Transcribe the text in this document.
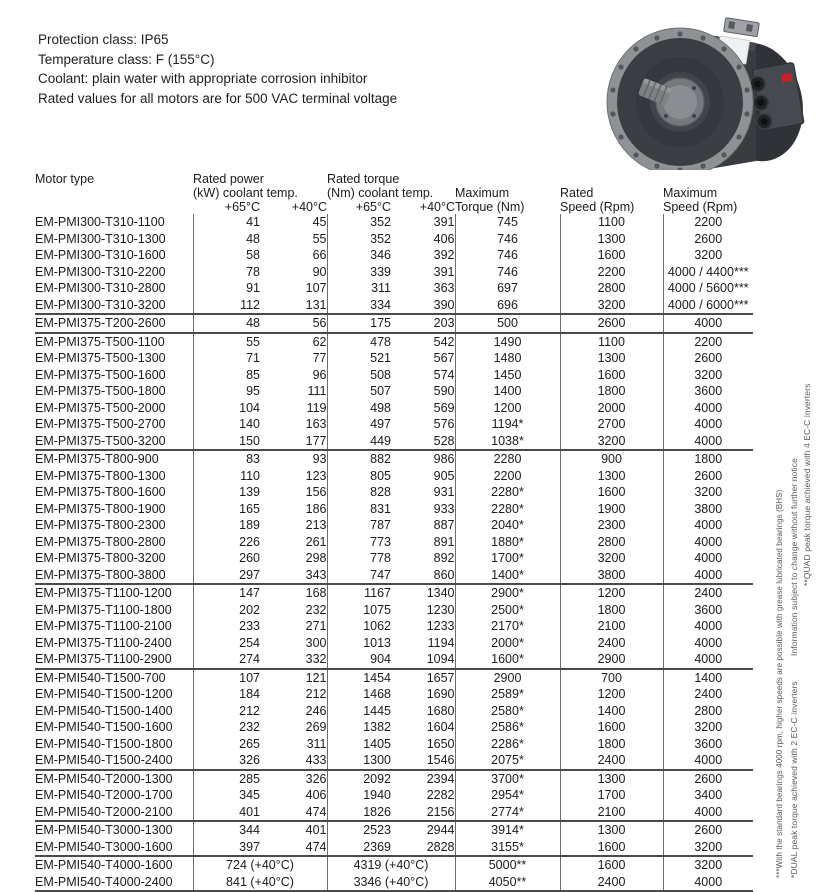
Protection class: IP65
Temperature class: F (155°C)
Coolant: plain water with appropriate corrosion inhibitor
Rated values for all motors are for 500 VAC terminal voltage
Motor type	Rated power		Rated torque				
	(kW) coolant temp.		(Nm) coolant temp.		Maximum	Rated	Maximum
	+65°C	+40°C	+65°C	+40°C	Torque (Nm)	Speed (Rpm)	Speed (Rpm)
EM-PMI300-T310-1100	41	45	352	391	745	1100	2200
EM-PMI300-T310-1300	48	55	352	406	746	1300	2600
EM-PMI300-T310-1600	58	66	346	392	746	1600	3200
EM-PMI300-T310-2200	78	90	339	391	746	2200	4000 / 4400***
EM-PMI300-T310-2800	91	107	311	363	697	2800	4000 / 5600***
EM-PMI300-T310-3200	112	131	334	390	696	3200	4000 / 6000***
EM-PMI375-T200-2600	48	56	175	203	500	2600	4000
EM-PMI375-T500-1100	55	62	478	542	1490	1100	2200
EM-PMI375-T500-1300	71	77	521	567	1480	1300	2600
EM-PMI375-T500-1600	85	96	508	574	1450	1600	3200
EM-PMI375-T500-1800	95	111	507	590	1400	1800	3600
EM-PMI375-T500-2000	104	119	498	569	1200	2000	4000
EM-PMI375-T500-2700	140	163	497	576	1194*	2700	4000
EM-PMI375-T500-3200	150	177	449	528	1038*	3200	4000
EM-PMI375-T800-900	83	93	882	986	2280	900	1800
EM-PMI375-T800-1300	110	123	805	905	2200	1300	2600
EM-PMI375-T800-1600	139	156	828	931	2280*	1600	3200
EM-PMI375-T800-1900	165	186	831	933	2280*	1900	3800
EM-PMI375-T800-2300	189	213	787	887	2040*	2300	4000
EM-PMI375-T800-2800	226	261	773	891	1880*	2800	4000
EM-PMI375-T800-3200	260	298	778	892	1700*	3200	4000
EM-PMI375-T800-3800	297	343	747	860	1400*	3800	4000
EM-PMI375-T1100-1200	147	168	1167	1340	2900*	1200	2400
EM-PMI375-T1100-1800	202	232	1075	1230	2500*	1800	3600
EM-PMI375-T1100-2100	233	271	1062	1233	2170*	2100	4000
EM-PMI375-T1100-2400	254	300	1013	1194	2000*	2400	4000
EM-PMI375-T1100-2900	274	332	904	1094	1600*	2900	4000
EM-PMI540-T1500-700	107	121	1454	1657	2900	700	1400
EM-PMI540-T1500-1200	184	212	1468	1690	2589*	1200	2400
EM-PMI540-T1500-1400	212	246	1445	1680	2580*	1400	2800
EM-PMI540-T1500-1600	232	269	1382	1604	2586*	1600	3200
EM-PMI540-T1500-1800	265	311	1405	1650	2286*	1800	3600
EM-PMI540-T1500-2400	326	433	1300	1546	2075*	2400	4000
EM-PMI540-T2000-1300	285	326	2092	2394	3700*	1300	2600
EM-PMI540-T2000-1700	345	406	1940	2282	2954*	1700	3400
EM-PMI540-T2000-2100	401	474	1826	2156	2774*	2100	4000
EM-PMI540-T3000-1300	344	401	2523	2944	3914*	1300	2600
EM-PMI540-T3000-1600	397	474	2369	2828	3155*	1600	3200
EM-PMI540-T4000-1600	724 (+40°C)		4319 (+40°C)		5000**	1600	3200
EM-PMI540-T4000-2400	841 (+40°C)		3346 (+40°C)		4050**	2400	4000
**QUAD peak torque achieved with 4 EC-C inverters
Information subject to change without further notice
***With the standard bearings 4000 rpm, higher speeds are possible with grease lubricated bearings (BHS) *DUAL peak torque achieved with 2 EC-C inverters
